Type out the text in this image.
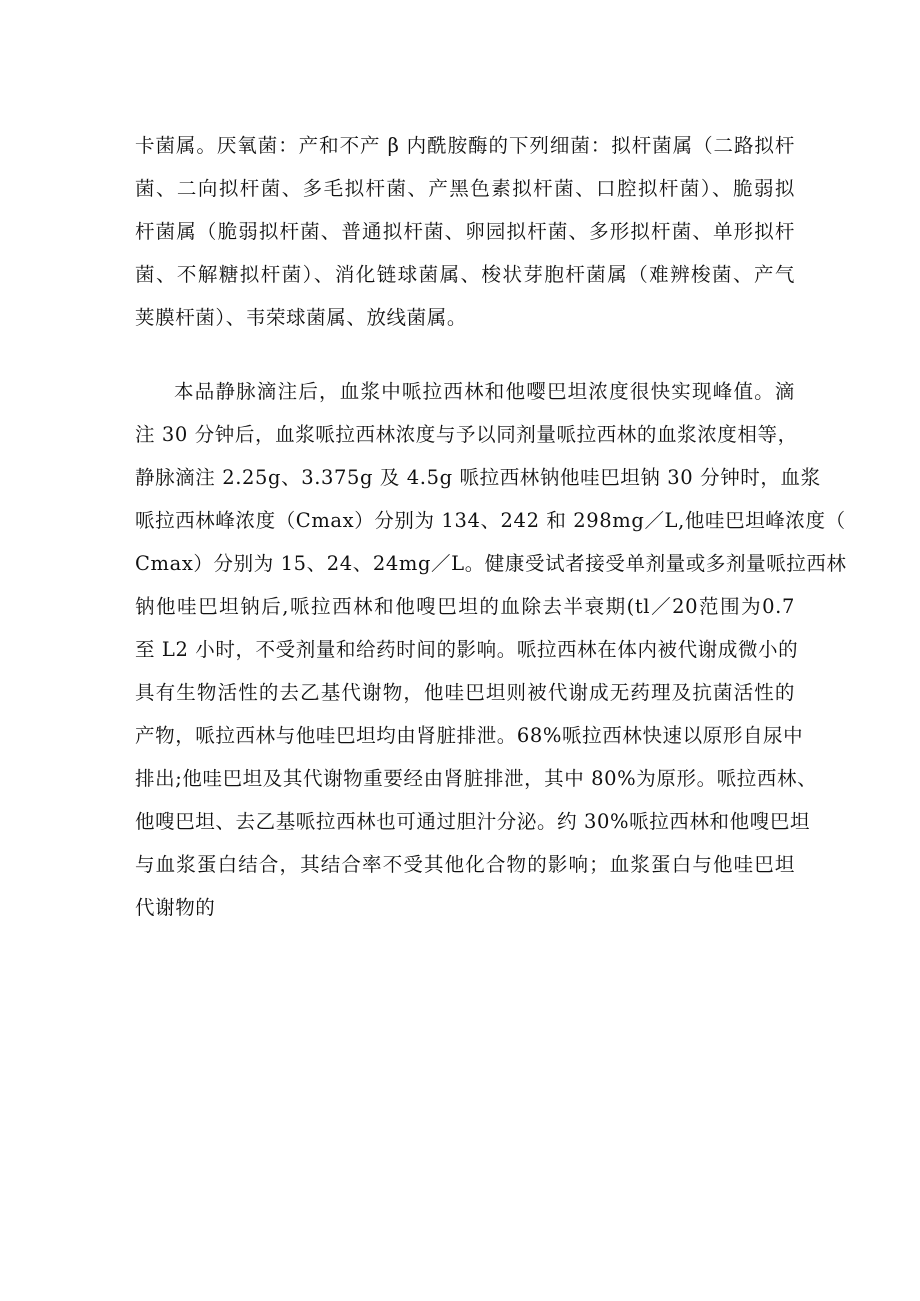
卡菌属。厌氧菌：产和不产 β 内酰胺酶的下列细菌：拟杆菌属（二路拟杆
菌、二向拟杆菌、多毛拟杆菌、产黑色素拟杆菌、口腔拟杆菌）、脆弱拟
杆菌属（脆弱拟杆菌、普通拟杆菌、卵园拟杆菌、多形拟杆菌、单形拟杆
菌、不解糖拟杆菌）、消化链球菌属、梭状芽胞杆菌属（难辨梭菌、产气
荚膜杆菌）、韦荣球菌属、放线菌属。
本品静脉滴注后，血浆中哌拉西林和他嘤巴坦浓度很快实现峰值。滴
注 30 分钟后，血浆哌拉西林浓度与予以同剂量哌拉西林的血浆浓度相等，
静脉滴注 2.25g、3.375g 及 4.5g 哌拉西林钠他哇巴坦钠 30 分钟时，血浆
哌拉西林峰浓度（Cmax）分别为 134、242 和 298mg／L,他哇巴坦峰浓度（
Cmax）分别为 15、24、24mg／L。健康受试者接受单剂量或多剂量哌拉西林
钠他哇巴坦钠后,哌拉西林和他嗖巴坦的血除去半衰期(tl／20范围为0.7
至 L2 小时，不受剂量和给药时间的影响。哌拉西林在体内被代谢成微小的
具有生物活性的去乙基代谢物，他哇巴坦则被代谢成无药理及抗菌活性的
产物，哌拉西林与他哇巴坦均由肾脏排泄。68%哌拉西林快速以原形自尿中
排出;他哇巴坦及其代谢物重要经由肾脏排泄，其中 80%为原形。哌拉西林、
他嗖巴坦、去乙基哌拉西林也可通过胆汁分泌。约 30%哌拉西林和他嗖巴坦
与血浆蛋白结合，其结合率不受其他化合物的影响；血浆蛋白与他哇巴坦
代谢物的
